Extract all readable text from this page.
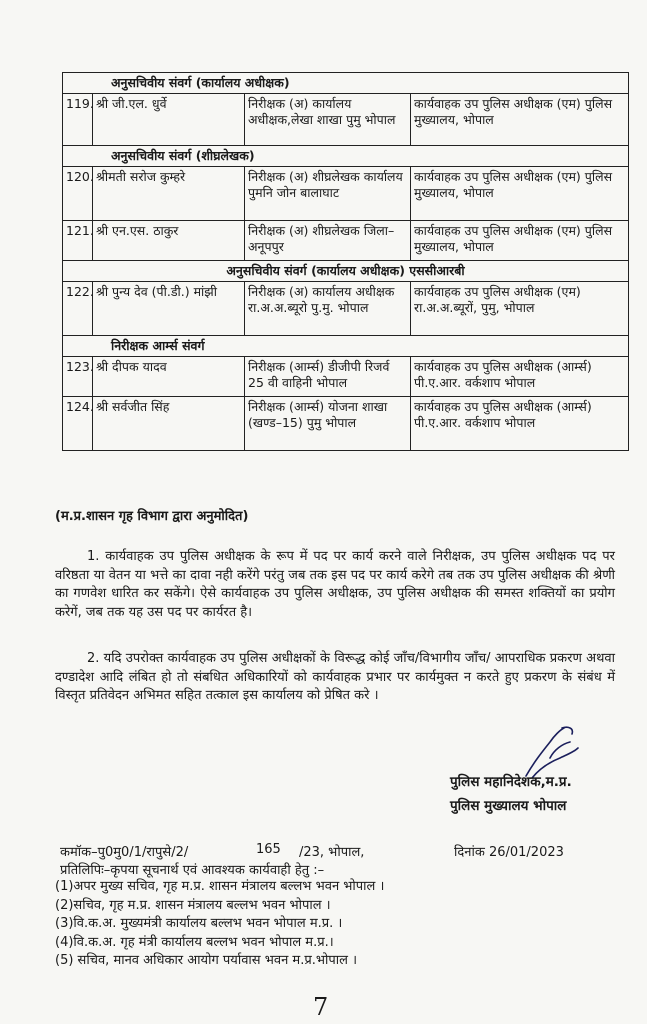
अनुसचिवीय संवर्ग (कार्यालय अधीक्षक)			
119.	श्री जी.एल. धुर्वे	निरीक्षक (अ) कार्यालय अधीक्षक,लेखा शाखा पुमु भोपाल	कार्यवाहक उप पुलिस अधीक्षक (एम) पुलिस मुख्यालय, भोपाल
अनुसचिवीय संवर्ग (शीघ्रलेखक)			
120.	श्रीमती सरोज कुम्हरे	निरीक्षक (अ) शीघ्रलेखक कार्यालय पुमनि जोन बालाघाट	कार्यवाहक उप पुलिस अधीक्षक (एम) पुलिस मुख्यालय, भोपाल
121.	श्री एन.एस. ठाकुर	निरीक्षक (अ) शीघ्रलेखक जिला–अनूपपुर	कार्यवाहक उप पुलिस अधीक्षक (एम) पुलिस मुख्यालय, भोपाल
अनुसचिवीय संवर्ग (कार्यालय अधीक्षक) एससीआरबी			
122.	श्री पुन्य देव (पी.डी.) मांझी	निरीक्षक (अ) कार्यालय अधीक्षक रा.अ.अ.ब्यूरो पु.मु. भोपाल	कार्यवाहक उप पुलिस अधीक्षक (एम) रा.अ.अ.ब्यूरों, पुमु, भोपाल
निरीक्षक आर्म्स संवर्ग			
123.	श्री दीपक यादव	निरीक्षक (आर्म्स) डीजीपी रिजर्व 25 वी वाहिनी भोपाल	कार्यवाहक उप पुलिस अधीक्षक (आर्म्स) पी.ए.आर. वर्कशाप भोपाल
124.	श्री सर्वजीत सिंह	निरीक्षक (आर्म्स) योजना शाखा (खण्ड–15) पुमु भोपाल	कार्यवाहक उप पुलिस अधीक्षक (आर्म्स) पी.ए.आर. वर्कशाप भोपाल
(म.प्र.शासन गृह विभाग द्वारा अनुमोदित)
1. कार्यवाहक उप पुलिस अधीक्षक के रूप में पद पर कार्य करने वाले निरीक्षक, उप पुलिस अधीक्षक पद पर वरिष्ठता या वेतन या भत्ते का दावा नही करेंगे परंतु जब तक इस पद पर कार्य करेगे तब तक उप पुलिस अधीक्षक की श्रेणी का गणवेश धारित कर सकेंगे। ऐसे कार्यवाहक उप पुलिस अधीक्षक, उप पुलिस अधीक्षक की समस्त शक्तियों का प्रयोग करेगें, जब तक यह उस पद पर कार्यरत है।
2. यदि उपरोक्त कार्यवाहक उप पुलिस अधीक्षकों के विरूद्ध कोई जाँच/विभागीय जाँच/ आपराधिक प्रकरण अथवा दण्डादेश आदि लंबित हो तो संबधित अधिकारियों को कार्यवाहक प्रभार पर कार्यमुक्त न करते हुए प्रकरण के संबंध में विस्तृत प्रतिवेदन अभिमत सहित तत्काल इस कार्यालय को प्रेषित करे ।
पुलिस महानिदेशक,म.प्र.
पुलिस मुख्यालय भोपाल
कमॉक–पु0मु0/1/रापुसे/2/	165 /23, भोपाल,	दिनांक 26/01/2023
प्रतिलिपिः–कृपया सूचनार्थ एवं आवश्यक कार्यवाही हेतु :–
(1)अपर मुख्य सचिव, गृह म.प्र. शासन मंत्रालय बल्लभ भवन भोपाल ।
(2)सचिव, गृह म.प्र. शासन मंत्रालय बल्लभ भवन भोपाल ।
(3)वि.क.अ. मुख्यमंत्री कार्यालय बल्लभ भवन भोपाल म.प्र. ।
(4)वि.क.अ. गृह मंत्री कार्यालय बल्लभ भवन भोपाल म.प्र.।
(5) सचिव, मानव अधिकार आयोग पर्यावास भवन म.प्र.भोपाल ।
7
